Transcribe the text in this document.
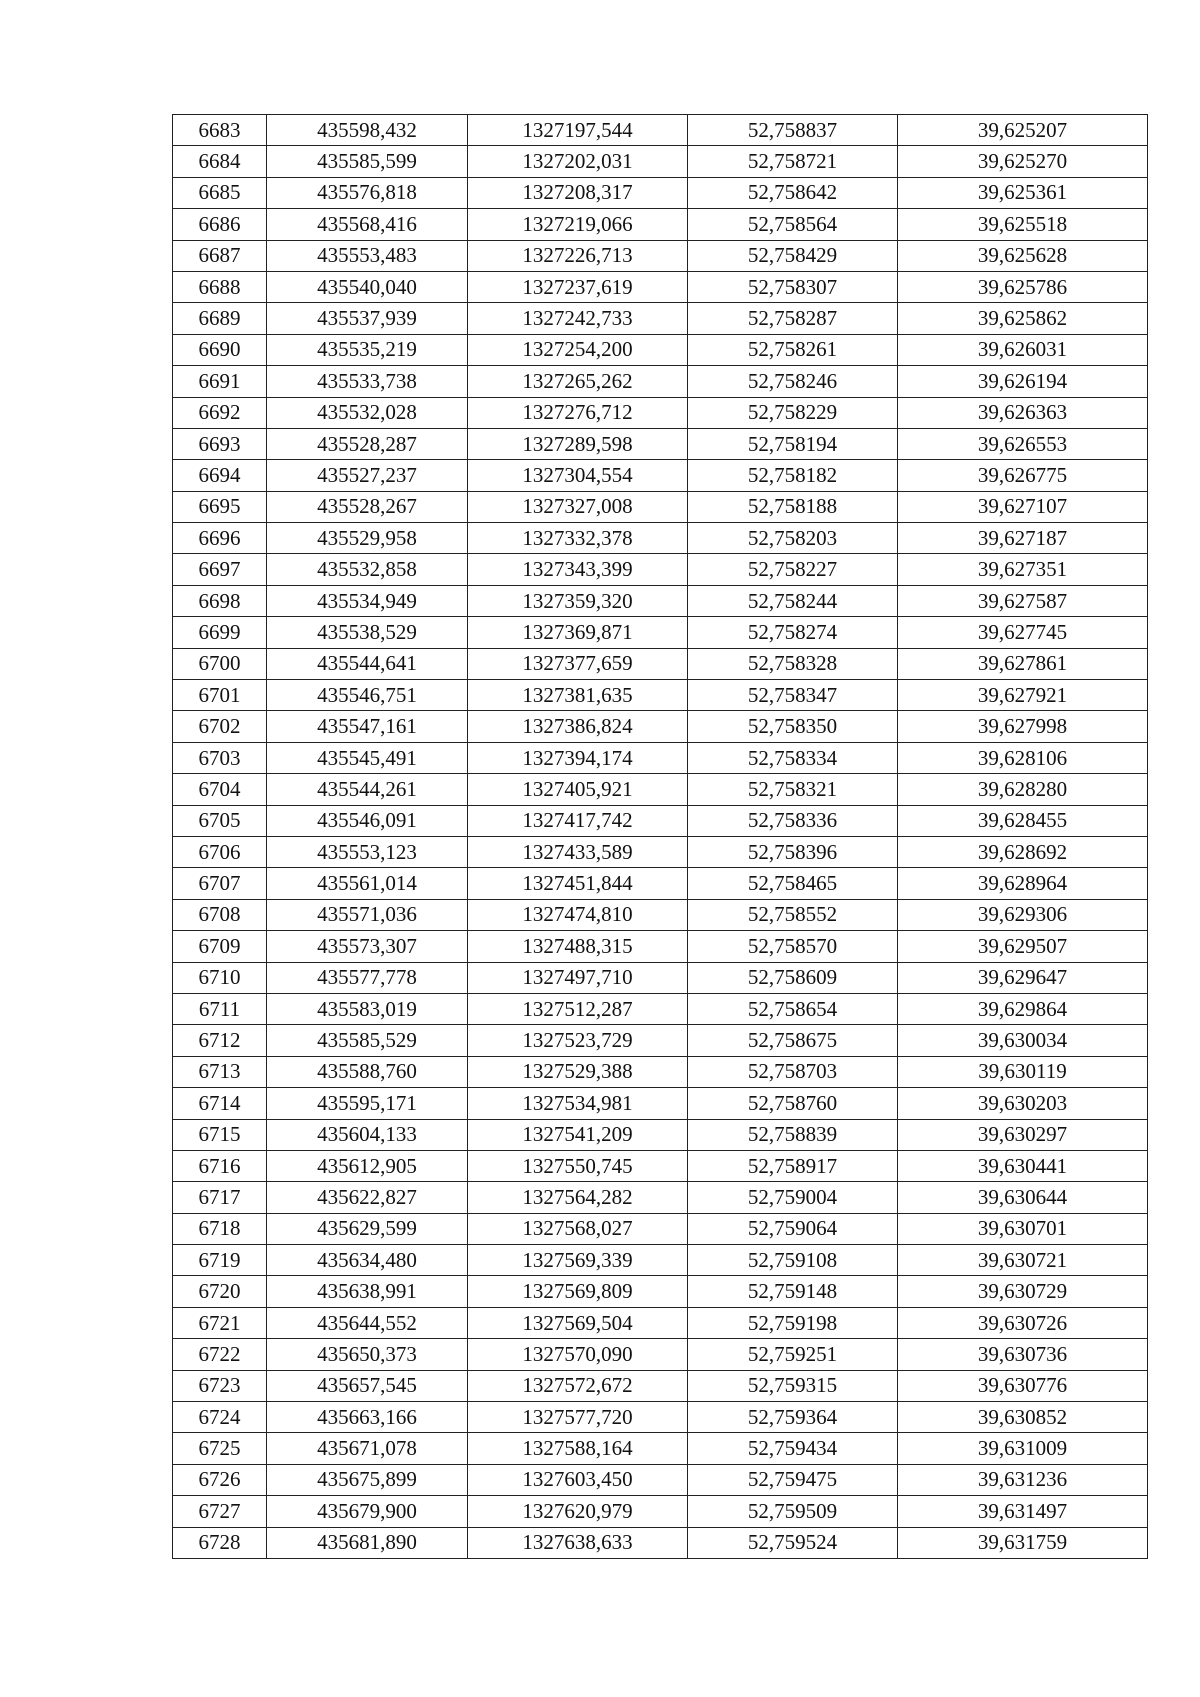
6683	435598,432	1327197,544	52,758837	39,625207
6684	435585,599	1327202,031	52,758721	39,625270
6685	435576,818	1327208,317	52,758642	39,625361
6686	435568,416	1327219,066	52,758564	39,625518
6687	435553,483	1327226,713	52,758429	39,625628
6688	435540,040	1327237,619	52,758307	39,625786
6689	435537,939	1327242,733	52,758287	39,625862
6690	435535,219	1327254,200	52,758261	39,626031
6691	435533,738	1327265,262	52,758246	39,626194
6692	435532,028	1327276,712	52,758229	39,626363
6693	435528,287	1327289,598	52,758194	39,626553
6694	435527,237	1327304,554	52,758182	39,626775
6695	435528,267	1327327,008	52,758188	39,627107
6696	435529,958	1327332,378	52,758203	39,627187
6697	435532,858	1327343,399	52,758227	39,627351
6698	435534,949	1327359,320	52,758244	39,627587
6699	435538,529	1327369,871	52,758274	39,627745
6700	435544,641	1327377,659	52,758328	39,627861
6701	435546,751	1327381,635	52,758347	39,627921
6702	435547,161	1327386,824	52,758350	39,627998
6703	435545,491	1327394,174	52,758334	39,628106
6704	435544,261	1327405,921	52,758321	39,628280
6705	435546,091	1327417,742	52,758336	39,628455
6706	435553,123	1327433,589	52,758396	39,628692
6707	435561,014	1327451,844	52,758465	39,628964
6708	435571,036	1327474,810	52,758552	39,629306
6709	435573,307	1327488,315	52,758570	39,629507
6710	435577,778	1327497,710	52,758609	39,629647
6711	435583,019	1327512,287	52,758654	39,629864
6712	435585,529	1327523,729	52,758675	39,630034
6713	435588,760	1327529,388	52,758703	39,630119
6714	435595,171	1327534,981	52,758760	39,630203
6715	435604,133	1327541,209	52,758839	39,630297
6716	435612,905	1327550,745	52,758917	39,630441
6717	435622,827	1327564,282	52,759004	39,630644
6718	435629,599	1327568,027	52,759064	39,630701
6719	435634,480	1327569,339	52,759108	39,630721
6720	435638,991	1327569,809	52,759148	39,630729
6721	435644,552	1327569,504	52,759198	39,630726
6722	435650,373	1327570,090	52,759251	39,630736
6723	435657,545	1327572,672	52,759315	39,630776
6724	435663,166	1327577,720	52,759364	39,630852
6725	435671,078	1327588,164	52,759434	39,631009
6726	435675,899	1327603,450	52,759475	39,631236
6727	435679,900	1327620,979	52,759509	39,631497
6728	435681,890	1327638,633	52,759524	39,631759
